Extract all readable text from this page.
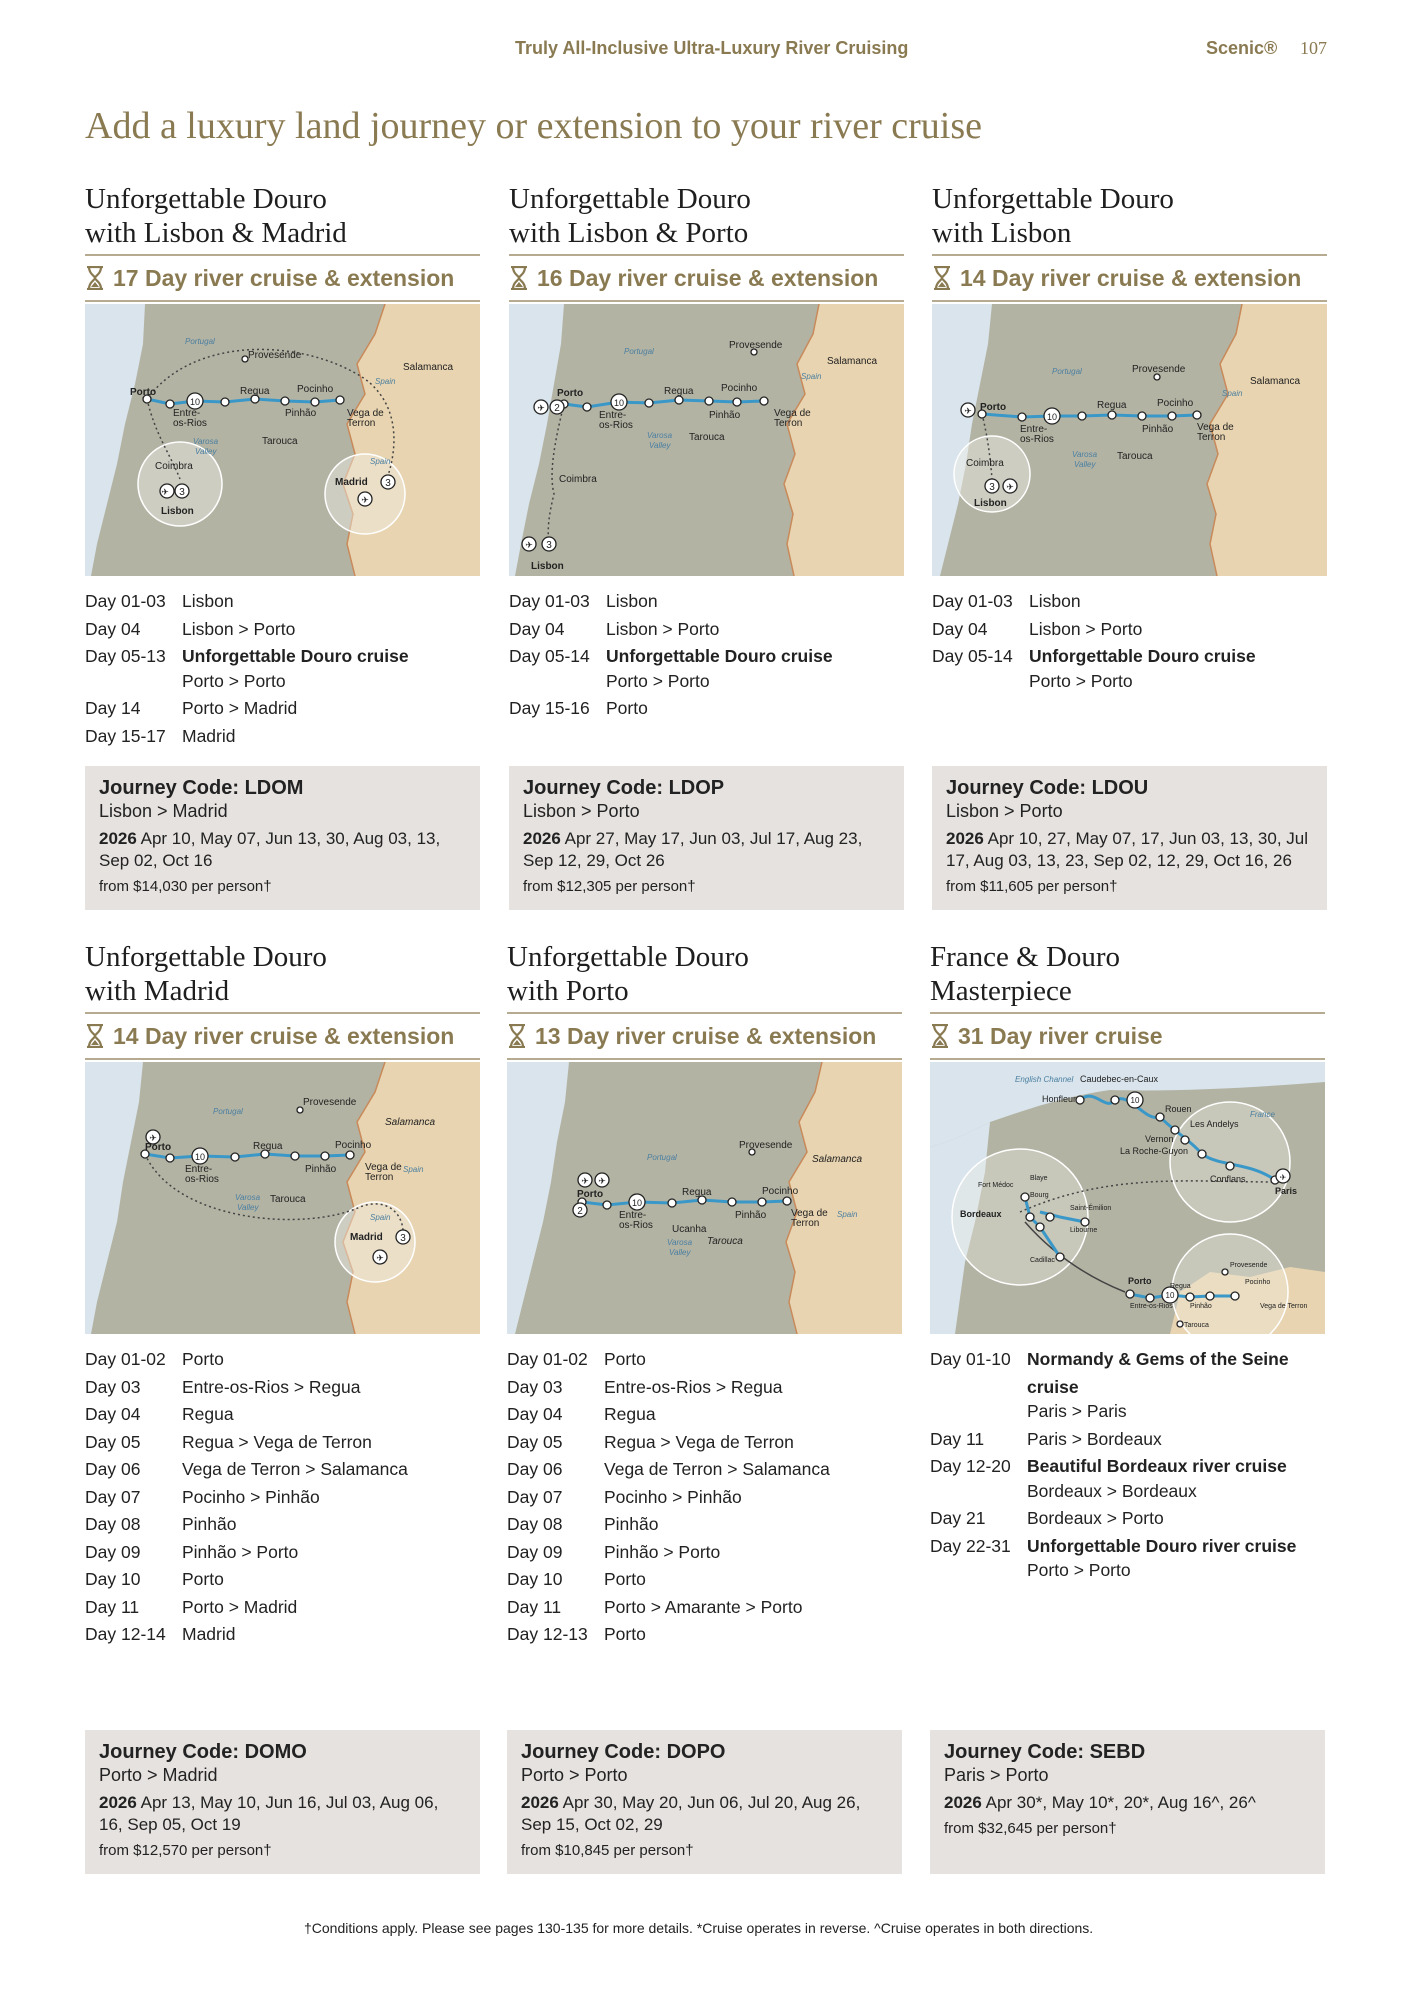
Truly All-Inclusive Ultra-Luxury River Cruising	Scenic® 107
Add a luxury land journey or extension to your river cruise
Unforgettable Douro
with Lisbon & Madrid
17 Day river cruise & extension
10
3
3
✈
✈
Porto
Entre-
os-Rios
Regua
Pinhão
Pocinho
Vega de
Terron
Provesende
Salamanca
Tarouca
Coimbra
Lisbon
Madrid
Varosa
Valley
Portugal
Spain
Spain
Day 01-03 Lisbon
Day 04	Lisbon > Porto
Day 05-13 Unforgettable Douro cruise
Porto > Porto
Day 14	Porto > Madrid
Day 15-17 Madrid
Journey Code: LDOM
Lisbon > Madrid
2026 Apr 10, May 07, Jun 13, 30, Aug 03, 13, Sep 02, Oct 16
from $14,030 per person†
Unforgettable Douro
with Lisbon & Porto
16 Day river cruise & extension
10
2
3
✈
✈
Porto
Entre-
os-Rios
Regua
Pinhão
Pocinho
Vega de
Terron
Provesende
Salamanca
Tarouca
Coimbra
Lisbon
Varosa
Valley
Portugal
Spain
Day 01-03 Lisbon
Day 04	Lisbon > Porto
Day 05-14 Unforgettable Douro cruise
Porto > Porto
Day 15-16 Porto
Journey Code: LDOP
Lisbon > Porto
2026 Apr 27, May 17, Jun 03, Jul 17, Aug 23, Sep 12, 29, Oct 26
from $12,305 per person†
Unforgettable Douro
with Lisbon
14 Day river cruise & extension
10
3
✈
✈
Porto
Entre-
os-Rios
Regua
Pinhão
Pocinho
Vega de
Terron
Provesende
Salamanca
Tarouca
Coimbra
Lisbon
Varosa
Valley
Portugal
Spain
Day 01-03 Lisbon
Day 04	Lisbon > Porto
Day 05-14 Unforgettable Douro cruise
Porto > Porto
Journey Code: LDOU
Lisbon > Porto
2026 Apr 10, 27, May 07, 17, Jun 03, 13, 30, Jul 17, Aug 03, 13, 23, Sep 02, 12, 29, Oct 16, 26
from $11,605 per person†
Unforgettable Douro
with Madrid
14 Day river cruise & extension
10
3
✈
✈
Porto
Entre-
os-Rios
Regua
Pinhão
Pocinho
Vega de
Terron
Provesende
Salamanca
Tarouca
Madrid
Varosa
Valley
Portugal
Spain
Spain
Day 01-02 Porto
Day 03	Entre-os-Rios > Regua
Day 04	Regua
Day 05	Regua > Vega de Terron
Day 06	Vega de Terron > Salamanca
Day 07	Pocinho > Pinhão
Day 08	Pinhão
Day 09	Pinhão > Porto
Day 10	Porto
Day 11	Porto > Madrid
Day 12-14 Madrid
Journey Code: DOMO
Porto > Madrid
2026 Apr 13, May 10, Jun 16, Jul 03, Aug 06, 16, Sep 05, Oct 19
from $12,570 per person†
Unforgettable Douro
with Porto
13 Day river cruise & extension
10
2
✈ ✈
Porto
Entre-
os-Rios
Regua
Pinhão
Pocinho
Vega de
Terron
Provesende
Salamanca
Ucanha
Tarouca
Varosa
Valley
Portugal
Spain
Day 01-02 Porto
Day 03	Entre-os-Rios > Regua
Day 04	Regua
Day 05	Regua > Vega de Terron
Day 06	Vega de Terron > Salamanca
Day 07	Pocinho > Pinhão
Day 08	Pinhão
Day 09	Pinhão > Porto
Day 10	Porto
Day 11	Porto > Amarante > Porto
Day 12-13 Porto
Journey Code: DOPO
Porto > Porto
2026 Apr 30, May 20, Jun 06, Jul 20, Aug 26, Sep 15, Oct 02, 29
from $10,845 per person†
France & Douro
Masterpiece
31 Day river cruise
10
10
✈
English Channel Caudebec-en-Caux
Honfleur
Rouen
Les Andelys
Vernon
La Roche-Guyon
Conflans
Paris
France
Bordeaux
Fort Médoc
Blaye
Bourg
Saint-Émilion
Libourne
Cadillac
Porto
Entre-os-Rios
Regua
Pinhão
Pocinho
Provesende
Vega de Terron
Tarouca
Day 01-10 Normandy & Gems of the Seine cruise
Paris > Paris
Day 11	Paris > Bordeaux
Day 12-20 Beautiful Bordeaux river cruise
Bordeaux > Bordeaux
Day 21	Bordeaux > Porto
Day 22-31 Unforgettable Douro river cruise
Porto > Porto
Journey Code: SEBD
Paris > Porto
2026 Apr 30*, May 10*, 20*, Aug 16^, 26^
from $32,645 per person†
†Conditions apply. Please see pages 130-135 for more details. *Cruise operates in reverse. ^Cruise operates in both directions.
